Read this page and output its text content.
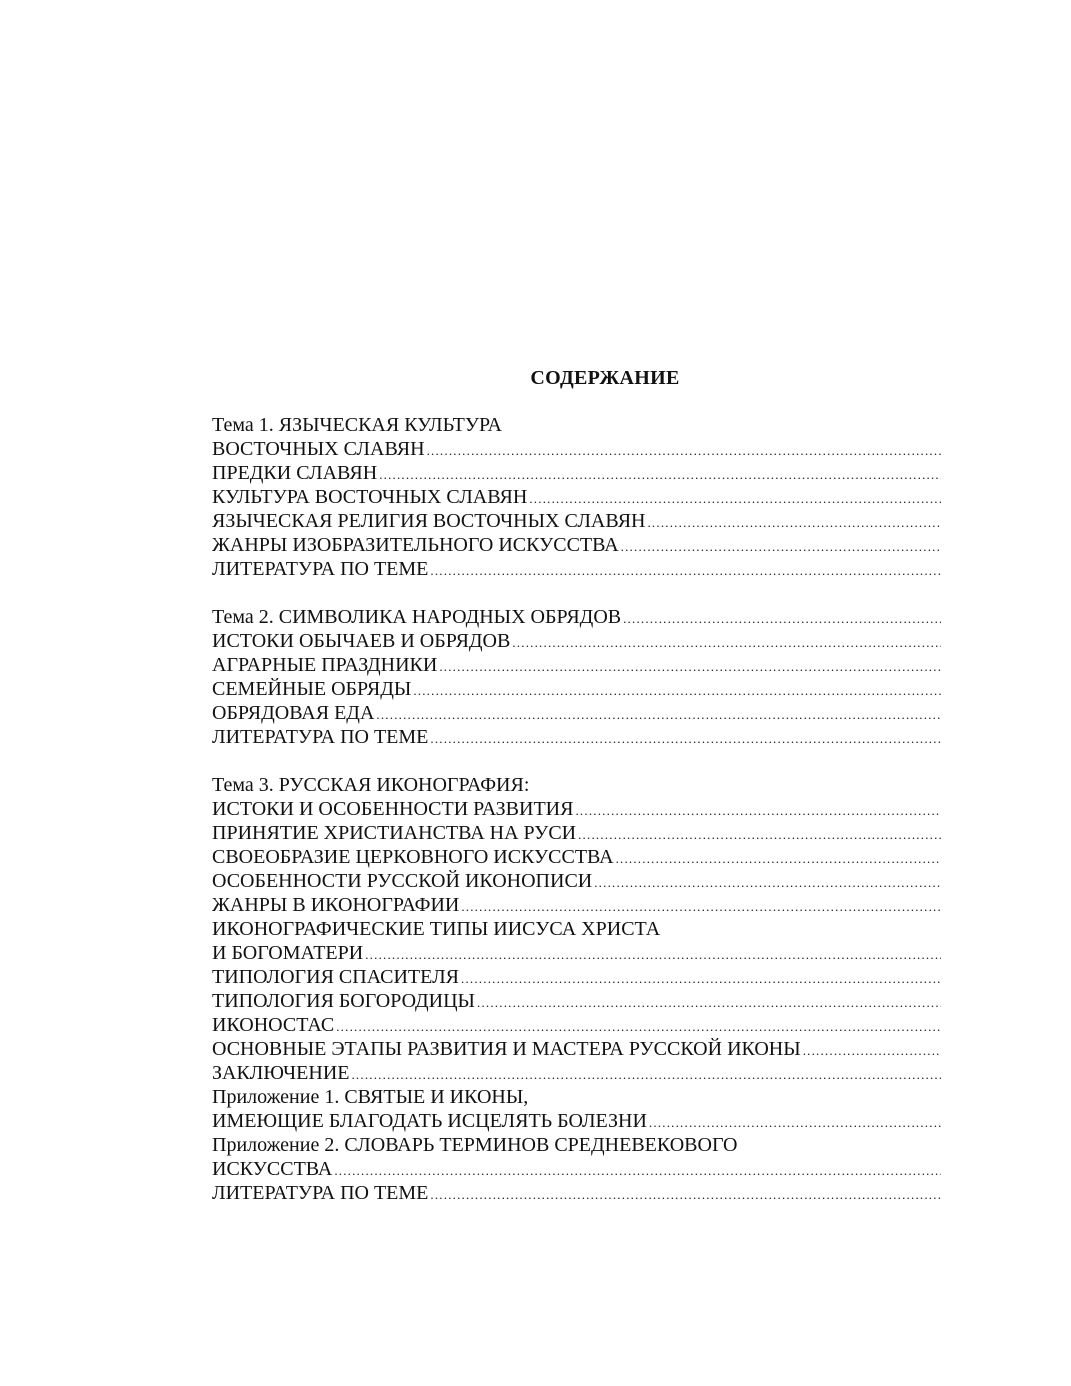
СОДЕРЖАНИЕ
Тема 1. ЯЗЫЧЕСКАЯ КУЛЬТУРА
ВОСТОЧНЫХ СЛАВЯН
.....
ПРЕДКИ СЛАВЯН
.....
КУЛЬТУРА ВОСТОЧНЫХ СЛАВЯН
.....
ЯЗЫЧЕСКАЯ РЕЛИГИЯ ВОСТОЧНЫХ СЛАВЯН
.....
ЖАНРЫ ИЗОБРАЗИТЕЛЬНОГО ИСКУССТВА
.....
ЛИТЕРАТУРА ПО ТЕМЕ
.....
Тема 2. СИМВОЛИКА НАРОДНЫХ ОБРЯДОВ
.....
ИСТОКИ ОБЫЧАЕВ И ОБРЯДОВ
.....
АГРАРНЫЕ ПРАЗДНИКИ
.....
СЕМЕЙНЫЕ ОБРЯДЫ
.....
ОБРЯДОВАЯ ЕДА
.....
ЛИТЕРАТУРА ПО ТЕМЕ
.....
Тема 3. РУССКАЯ ИКОНОГРАФИЯ:
ИСТОКИ И ОСОБЕННОСТИ РАЗВИТИЯ
.....
ПРИНЯТИЕ ХРИСТИАНСТВА НА РУСИ
.....
СВОЕОБРАЗИЕ ЦЕРКОВНОГО ИСКУССТВА
.....
ОСОБЕННОСТИ РУССКОЙ ИКОНОПИСИ
.....
ЖАНРЫ В ИКОНОГРАФИИ
.....
ИКОНОГРАФИЧЕСКИЕ ТИПЫ ИИСУСА ХРИСТА
И БОГОМАТЕРИ
.....
ТИПОЛОГИЯ СПАСИТЕЛЯ
.....
ТИПОЛОГИЯ БОГОРОДИЦЫ
.....
ИКОНОСТАС
.....
ОСНОВНЫЕ ЭТАПЫ РАЗВИТИЯ И МАСТЕРА РУССКОЙ ИКОНЫ
.....
ЗАКЛЮЧЕНИЕ
.....
Приложение 1. СВЯТЫЕ И ИКОНЫ,
ИМЕЮЩИЕ БЛАГОДАТЬ ИСЦЕЛЯТЬ БОЛЕЗНИ
.....
Приложение 2. СЛОВАРЬ ТЕРМИНОВ СРЕДНЕВЕКОВОГО
ИСКУССТВА
.....
ЛИТЕРАТУРА ПО ТЕМЕ
.....
